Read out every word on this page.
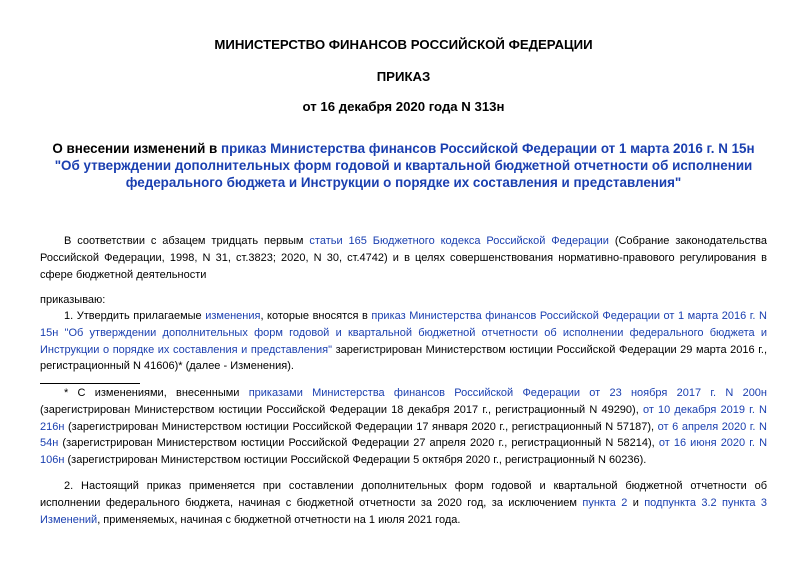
МИНИСТЕРСТВО ФИНАНСОВ РОССИЙСКОЙ ФЕДЕРАЦИИ
ПРИКАЗ
от 16 декабря 2020 года N 313н
О внесении изменений в приказ Министерства финансов Российской Федерации от 1 марта 2016 г. N 15н "Об утверждении дополнительных форм годовой и квартальной бюджетной отчетности об исполнении федерального бюджета и Инструкции о порядке их составления и представления"
В соответствии с абзацем тридцать первым статьи 165 Бюджетного кодекса Российской Федерации (Собрание законодательства Российской Федерации, 1998, N 31, ст.3823; 2020, N 30, ст.4742) и в целях совершенствования нормативно-правового регулирования в сфере бюджетной деятельности
приказываю:
1. Утвердить прилагаемые изменения, которые вносятся в приказ Министерства финансов Российской Федерации от 1 марта 2016 г. N 15н "Об утверждении дополнительных форм годовой и квартальной бюджетной отчетности об исполнении федерального бюджета и Инструкции о порядке их составления и представления" зарегистрирован Министерством юстиции Российской Федерации 29 марта 2016 г., регистрационный N 41606)* (далее - Изменения).
* С изменениями, внесенными приказами Министерства финансов Российской Федерации от 23 ноября 2017 г. N 200н (зарегистрирован Министерством юстиции Российской Федерации 18 декабря 2017 г., регистрационный N 49290), от 10 декабря 2019 г. N 216н (зарегистрирован Министерством юстиции Российской Федерации 17 января 2020 г., регистрационный N 57187), от 6 апреля 2020 г. N 54н (зарегистрирован Министерством юстиции Российской Федерации 27 апреля 2020 г., регистрационный N 58214), от 16 июня 2020 г. N 106н (зарегистрирован Министерством юстиции Российской Федерации 5 октября 2020 г., регистрационный N 60236).
2. Настоящий приказ применяется при составлении дополнительных форм годовой и квартальной бюджетной отчетности об исполнении федерального бюджета, начиная с бюджетной отчетности за 2020 год, за исключением пункта 2 и подпункта 3.2 пункта 3 Изменений, применяемых, начиная с бюджетной отчетности на 1 июля 2021 года.
